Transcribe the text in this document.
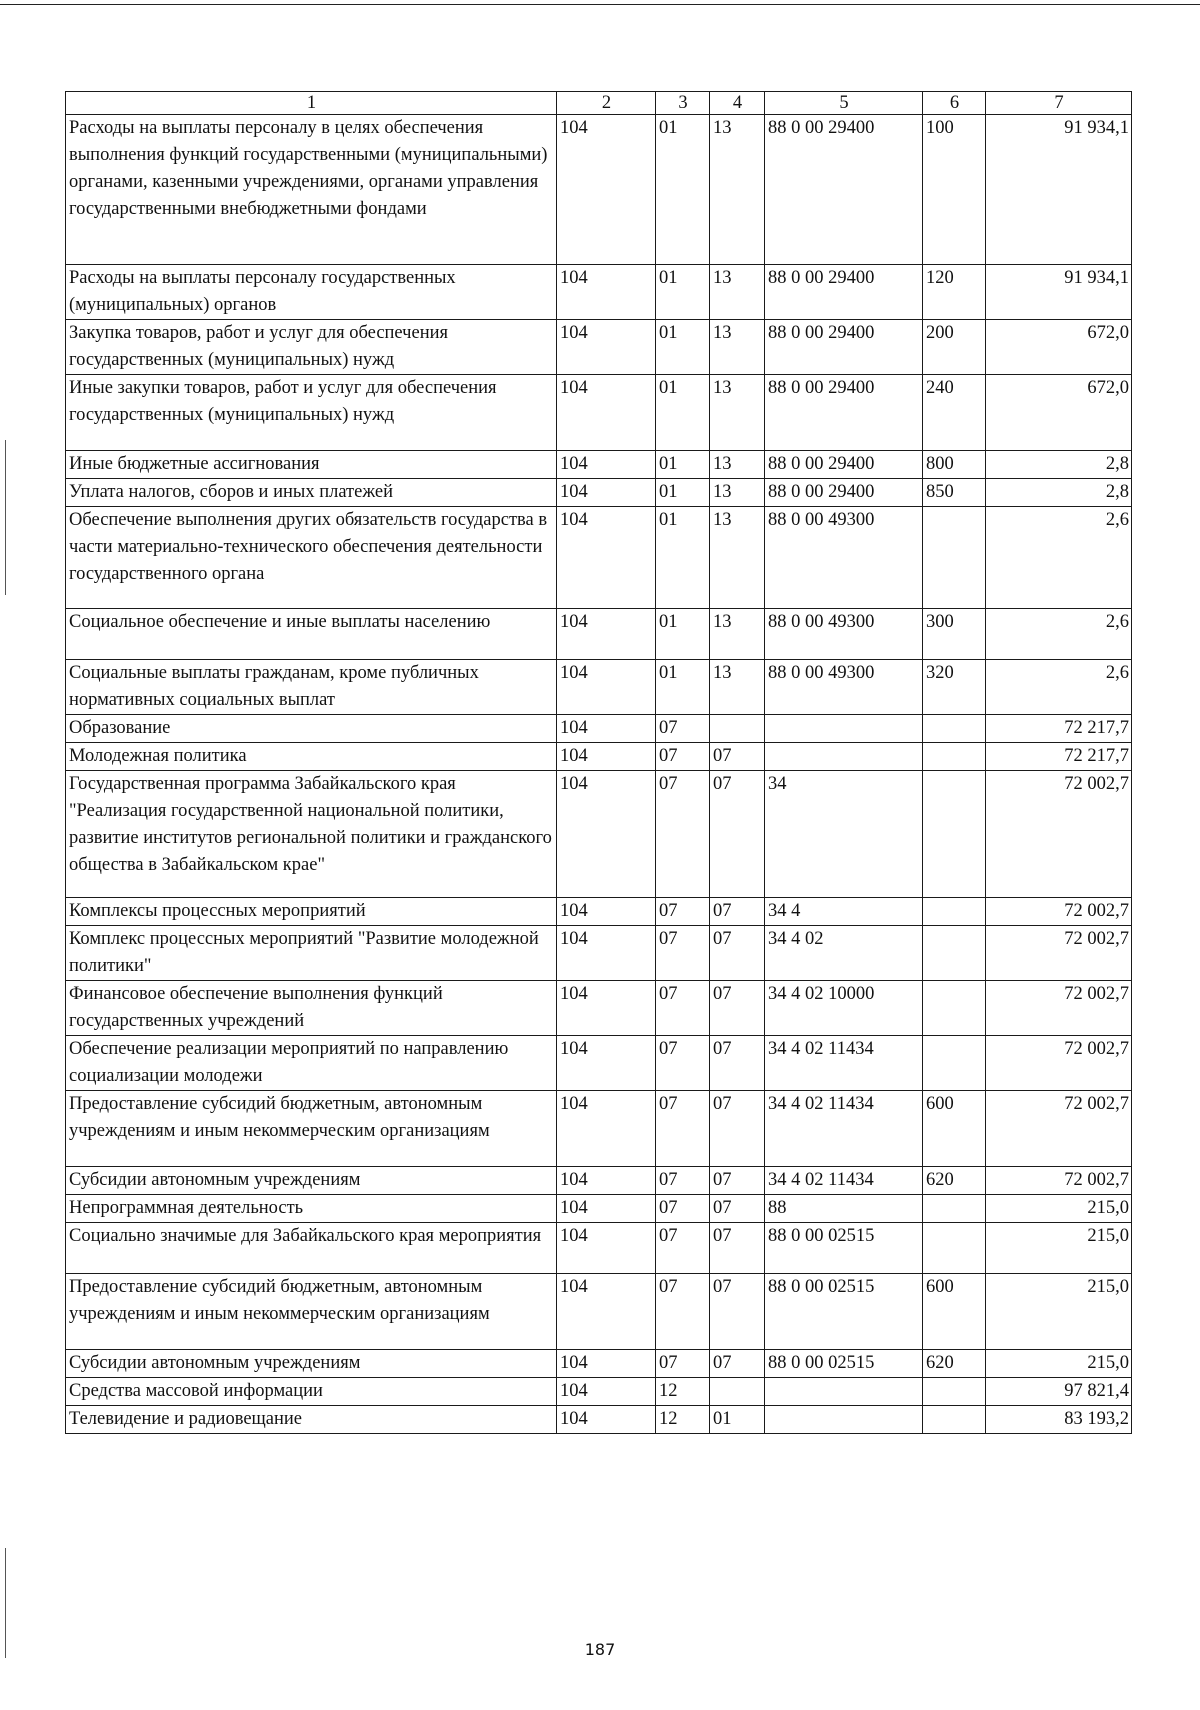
1	2	3	4	5	6	7
Расходы на выплаты персоналу в целях обеспечения выполнения функций государственными (муниципальными) органами, казенными учреждениями, органами управления государственными внебюджетными фондами	104	01	13	88 0 00 29400	100	91 934,1
Расходы на выплаты персоналу государственных (муниципальных) органов	104	01	13	88 0 00 29400	120	91 934,1
Закупка товаров, работ и услуг для обеспечения государственных (муниципальных) нужд	104	01	13	88 0 00 29400	200	672,0
Иные закупки товаров, работ и услуг для обеспечения государственных (муниципальных) нужд	104	01	13	88 0 00 29400	240	672,0
Иные бюджетные ассигнования	104	01	13	88 0 00 29400	800	2,8
Уплата налогов, сборов и иных платежей	104	01	13	88 0 00 29400	850	2,8
Обеспечение выполнения других обязательств государства в части материально-технического обеспечения деятельности государственного органа	104	01	13	88 0 00 49300		2,6
Социальное обеспечение и иные выплаты населению	104	01	13	88 0 00 49300	300	2,6
Социальные выплаты гражданам, кроме публичных нормативных социальных выплат	104	01	13	88 0 00 49300	320	2,6
Образование	104	07				72 217,7
Молодежная политика	104	07	07			72 217,7
Государственная программа Забайкальского края "Реализация государственной национальной политики, развитие институтов региональной политики и гражданского общества в Забайкальском крае"	104	07	07	34		72 002,7
Комплексы процессных мероприятий	104	07	07	34 4		72 002,7
Комплекс процессных мероприятий "Развитие молодежной политики"	104	07	07	34 4 02		72 002,7
Финансовое обеспечение выполнения функций государственных учреждений	104	07	07	34 4 02 10000		72 002,7
Обеспечение реализации мероприятий по направлению социализации молодежи	104	07	07	34 4 02 11434		72 002,7
Предоставление субсидий бюджетным, автономным учреждениям и иным некоммерческим организациям	104	07	07	34 4 02 11434	600	72 002,7
Субсидии автономным учреждениям	104	07	07	34 4 02 11434	620	72 002,7
Непрограммная деятельность	104	07	07	88		215,0
Социально значимые для Забайкальского края мероприятия	104	07	07	88 0 00 02515		215,0
Предоставление субсидий бюджетным, автономным учреждениям и иным некоммерческим организациям	104	07	07	88 0 00 02515	600	215,0
Субсидии автономным учреждениям	104	07	07	88 0 00 02515	620	215,0
Средства массовой информации	104	12				97 821,4
Телевидение и радиовещание	104	12	01			83 193,2
187
